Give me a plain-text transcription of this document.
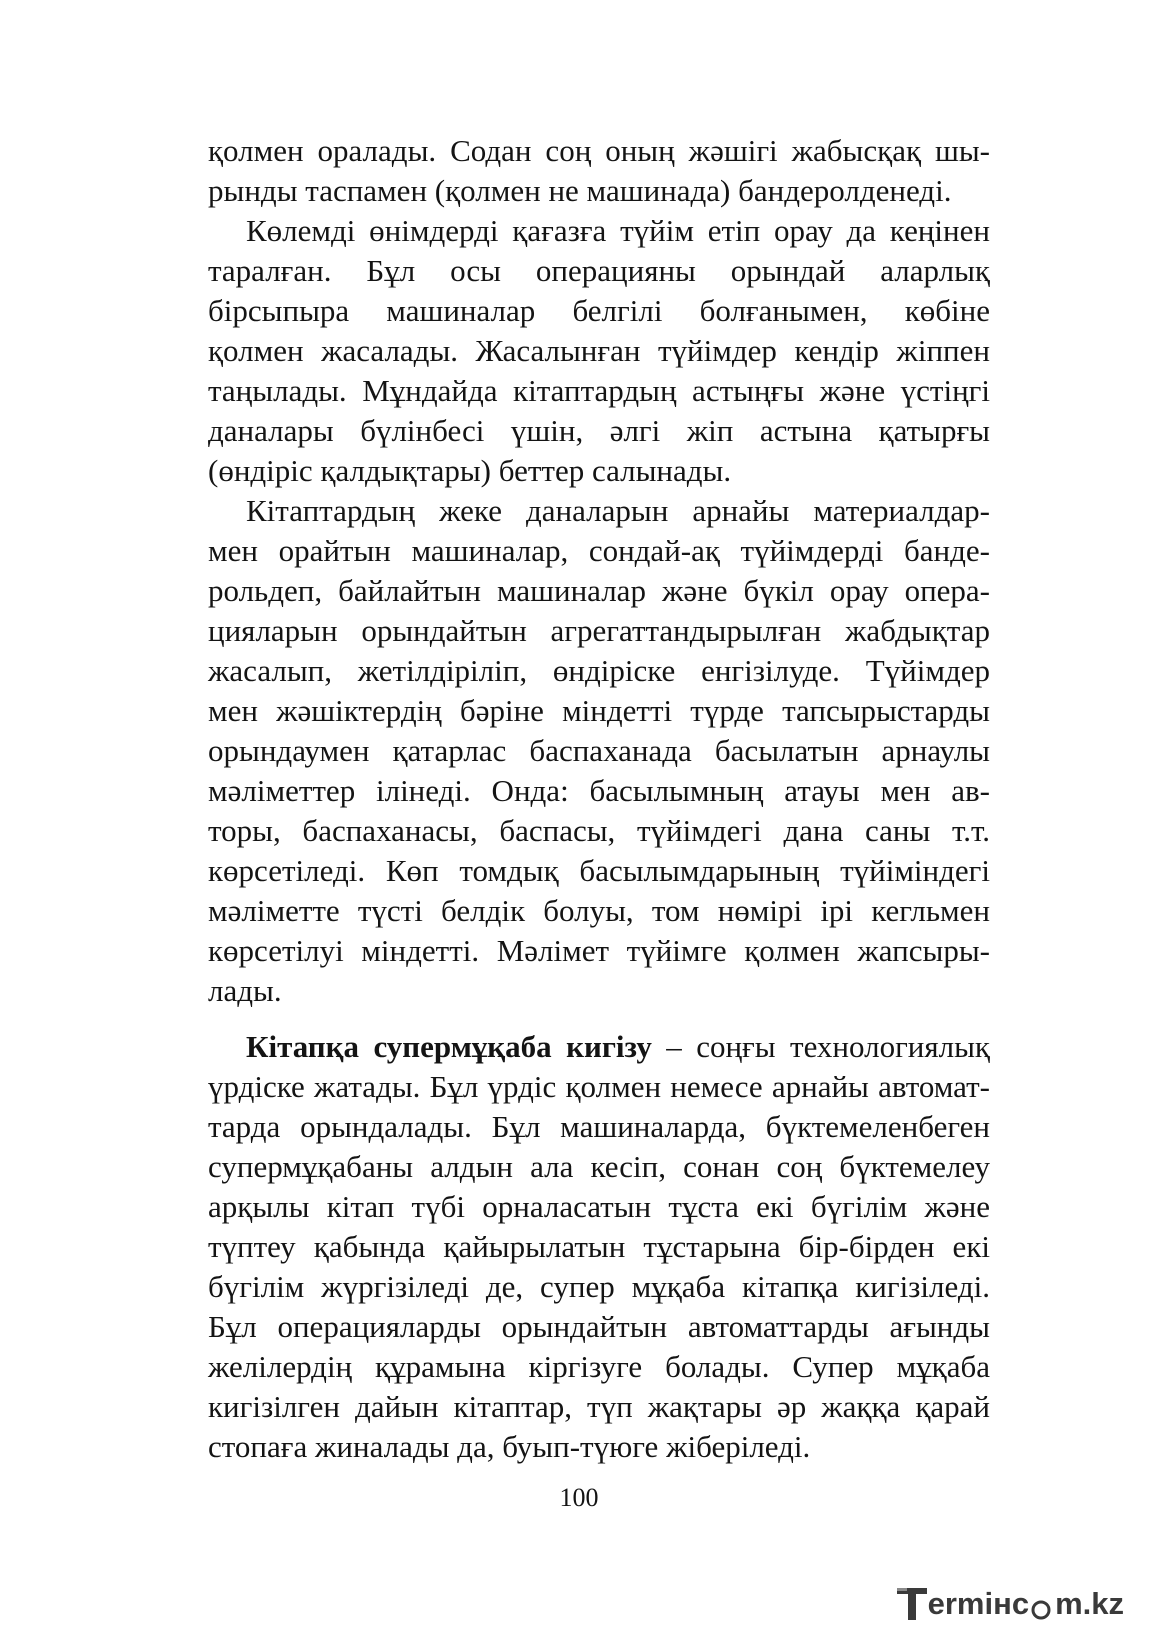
қолмен оралады. Содан соң оның жәшігі жабысқақ шы-
рынды таспамен (қолмен не машинада) бандеролденеді.
Көлемді өнімдерді қағазға түйім етіп орау да кеңінен
таралған. Бұл осы операцияны орындай аларлық
бірсыпыра машиналар белгілі болғанымен, көбіне
қолмен жасалады. Жасалынған түйімдер кендір жіппен
таңылады. Мұндайда кітаптардың астыңғы және үстіңгі
даналары бүлінбесі үшін, әлгі жіп астына қатырғы
(өндіріс қалдықтары) беттер салынады.
Кітаптардың жеке даналарын арнайы материалдар-
мен орайтын машиналар, сондай-ақ түйімдерді банде-
рольдеп, байлайтын машиналар және бүкіл орау опера-
цияларын орындайтын агрегаттандырылған жабдықтар
жасалып, жетілдіріліп, өндіріске енгізілуде. Түйімдер
мен жәшіктердің бәріне міндетті түрде тапсырыстарды
орындаумен қатарлас баспаханада басылатын арнаулы
мәліметтер ілінеді. Онда: басылымның атауы мен ав-
торы, баспаханасы, баспасы, түйімдегі дана саны т.т.
көрсетіледі. Көп томдық басылымдарының түйіміндегі
мәліметте түсті белдік болуы, том нөмірі ірі кегльмен
көрсетілуі міндетті. Мәлімет түйімге қолмен жапсыры-
лады.
Кітапқа супермұқаба кигізу – соңғы технологиялық
үрдіске жатады. Бұл үрдіс қолмен немесе арнайы автомат-
тарда орындалады. Бұл машиналарда, бүктемеленбеген
супермұқабаны алдын ала кесіп, сонан соң бүктемелеу
арқылы кітап түбі орналасатын тұста екі бүгілім және
түптеу қабында қайырылатын тұстарына бір-бірден екі
бүгілім жүргізіледі де, супер мұқаба кітапқа кигізіледі.
Бұл операцияларды орындайтын автоматтарды ағынды
желілердің құрамына кіргізуге болады. Супер мұқаба
кигізілген дайын кітаптар, түп жақтары әр жаққа қарай
стопаға жиналады да, буып-түюге жіберіледі.
100
ermінс m.kz
